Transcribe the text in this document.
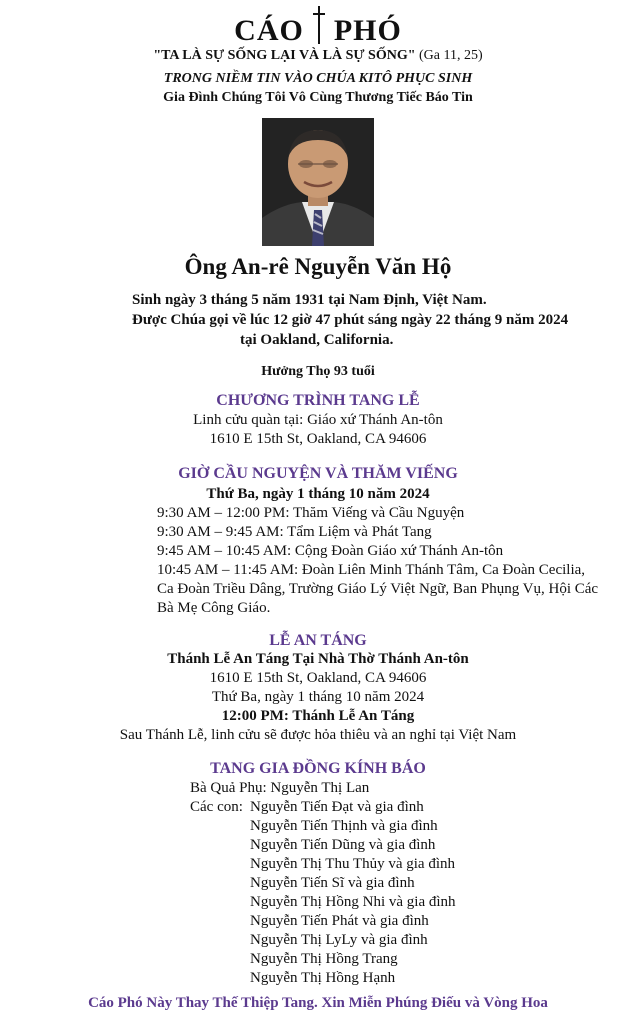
CÁO PHÓ
"TA LÀ SỰ SỐNG LẠI VÀ LÀ SỰ SỐNG" (Ga 11, 25)
TRONG NIỀM TIN VÀO CHÚA KITÔ PHỤC SINH
Gia Đình Chúng Tôi Vô Cùng Thương Tiếc Báo Tin
Ông An-rê Nguyễn Văn Hộ
Sinh ngày 3 tháng 5 năm 1931 tại Nam Định, Việt Nam.
Được Chúa gọi về lúc 12 giờ 47 phút sáng ngày 22 tháng 9 năm 2024
tại Oakland, California.
Hưởng Thọ 93 tuổi
CHƯƠNG TRÌNH TANG LỄ
Linh cửu quàn tại: Giáo xứ Thánh An-tôn
1610 E 15th St, Oakland, CA 94606
GIỜ CẦU NGUYỆN VÀ THĂM VIẾNG
Thứ Ba, ngày 1 tháng 10 năm 2024
9:30 AM – 12:00 PM: Thăm Viếng và Cầu Nguyện
9:30 AM – 9:45 AM: Tẩm Liệm và Phát Tang
9:45 AM – 10:45 AM: Cộng Đoàn Giáo xứ Thánh An-tôn
10:45 AM – 11:45 AM: Đoàn Liên Minh Thánh Tâm, Ca Đoàn Cecilia,
Ca Đoàn Triều Dâng, Trường Giáo Lý Việt Ngữ, Ban Phụng Vụ, Hội Các
Bà Mẹ Công Giáo.
LỄ AN TÁNG
Thánh Lễ An Táng Tại Nhà Thờ Thánh An-tôn
1610 E 15th St, Oakland, CA 94606
Thứ Ba, ngày 1 tháng 10 năm 2024
12:00 PM: Thánh Lễ An Táng
Sau Thánh Lễ, linh cửu sẽ được hỏa thiêu và an nghỉ tại Việt Nam
TANG GIA ĐỒNG KÍNH BÁO
Bà Quả Phụ: Nguyễn Thị Lan
Các con: Nguyễn Tiến Đạt và gia đình
Nguyễn Tiến Thịnh và gia đình
Nguyễn Tiến Dũng và gia đình
Nguyễn Thị Thu Thủy và gia đình
Nguyễn Tiến Sĩ và gia đình
Nguyễn Thị Hồng Nhi và gia đình
Nguyễn Tiến Phát và gia đình
Nguyễn Thị LyLy và gia đình
Nguyễn Thị Hồng Trang
Nguyễn Thị Hồng Hạnh
Cáo Phó Này Thay Thế Thiệp Tang. Xin Miễn Phúng Điếu và Vòng Hoa
